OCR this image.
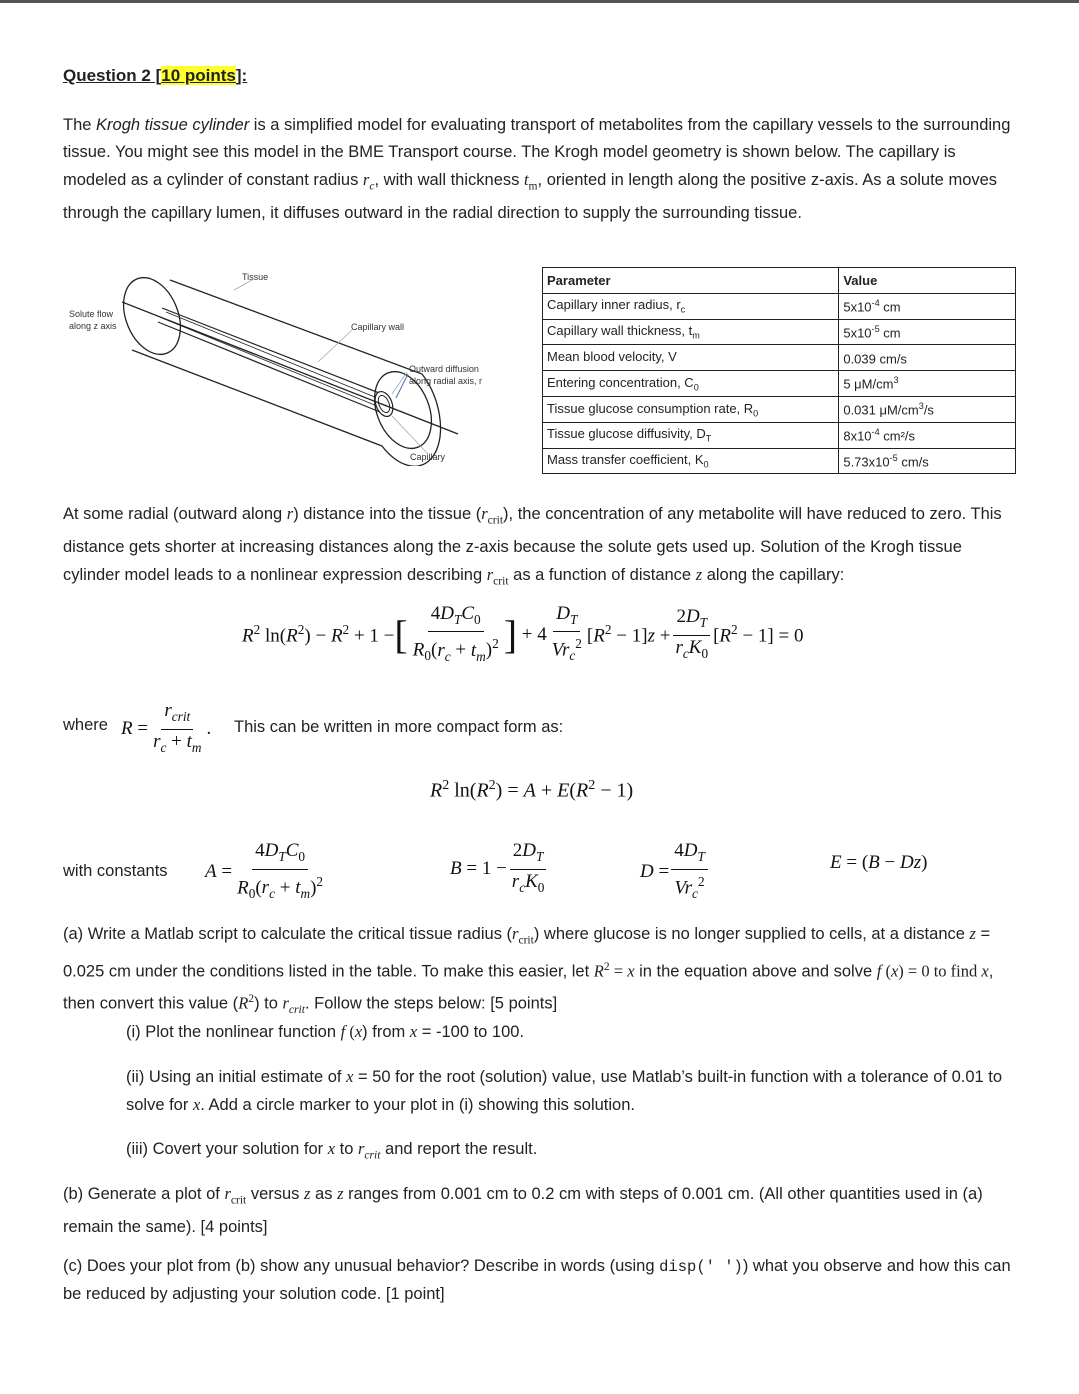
Question 2 [10 points]:

The Krogh tissue cylinder is a simplified model for evaluating transport of metabolites from the capillary vessels to the surrounding tissue. You might see this model in the BME Transport course. The Krogh model geometry is shown below. The capillary is modeled as a cylinder of constant radius $r_c$, with wall thickness $t_m$, oriented in length along the positive z-axis. As a solute moves through the capillary lumen, it diffuses outward in the radial direction to supply the surrounding tissue.

Tissue
Solute flow
along z axis	Capillary wall
Outward diffusion
along radial axis, r
Capillary
Parameter	Value
Capillary inner radius, $r_c$	$5x10^{-4}$ cm
Capillary wall thickness, $t_m$	$5x10^{-5}$ cm
Mean blood velocity, V	0.039 cm/s
Entering concentration, $C_0$	5 $\mu M/cm^3$
Tissue glucose consumption rate, $R_0$	0.031 $\mu M/cm^3/s$
Tissue glucose diffusivity, $D_T$	$8x10^{-4}$ cm²/s
Mass transfer coefficient, $K_0$	$5.73x10^{-5}$ cm/s

At some radial (outward along r) distance into the tissue $(r_{crit})$, the concentration of any metabolite will have reduced to zero. This distance gets shorter at increasing distances along the z-axis because the solute gets used up. Solution of the Krogh tissue cylinder model leads to a nonlinear expression describing $r_{crit}$ as a function of distance z along the capillary:

$R^2$ $\ln(R^2) - R^2 + 1$ − [ $\frac{4D_TC_0}{R_0(r_c + t_m)^2}$ ] + $4 \frac{D_T}{Vr_c^2} [R^2 - 1]z + \frac{2D_T}{r_cK_0} [R^2 - 1] = 0$
where $R = \frac{r_{crit}}{r_c + t_m}$ . This can be written in more compact form as:
$R^2$ $\ln(R^2) = A + E(R^2 - 1)$
with constants $A = \frac{4D_TC_0}{R_0(r_c + t_m)^2}$	$B = 1 - \frac{2D_T}{r_cK_0}$	$D = \frac{4D_T}{Vr_c^2}$	E = (B − Dz)

(a) Write a Matlab script to calculate the critical tissue radius $(r_{crit})$ where glucose is no longer supplied to cells, at a distance z = 0.025 cm under the conditions listed in the table. To make this easier, let $R^2 = x$ in the equation above and solve f (x) = 0 to find x, then convert this value $(R^2)$ to $r_{crit}$. Follow the steps below: [5 points]

(i) Plot the nonlinear function f (x) from x = -100 to 100.

(ii) Using an initial estimate of x = 50 for the root (solution) value, use Matlab’s built-in function with a tolerance of 0.01 to solve for x. Add a circle marker to your plot in (i) showing this solution.

(iii) Covert your solution for x to $r_{crit}$ and report the result.

(b) Generate a plot of $r_{crit}$ versus z as z ranges from 0.001 cm to 0.2 cm with steps of 0.001 cm. (All other quantities used in (a) remain the same). [4 points]

(c) Does your plot from (b) show any unusual behavior? Describe in words (using disp(' ')) what you observe and how this can be reduced by adjusting your solution code. [1 point]
